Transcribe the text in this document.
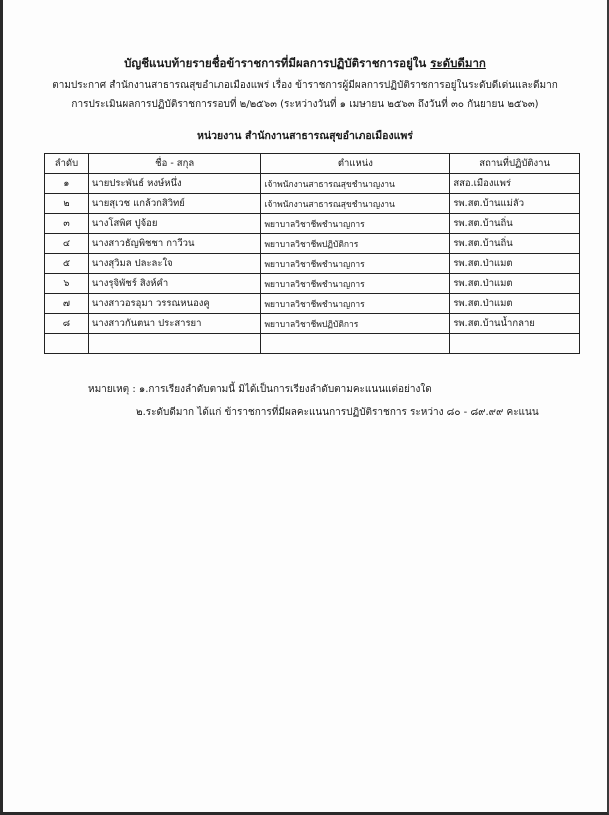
บัญชีแนบท้ายรายชื่อข้าราชการที่มีผลการปฏิบัติราชการอยู่ใน ระดับดีมาก
ตามประกาศ สำนักงานสาธารณสุขอำเภอเมืองแพร่ เรื่อง ข้าราชการผู้มีผลการปฏิบัติราชการอยู่ในระดับดีเด่นและดีมาก
การประเมินผลการปฏิบัติราชการรอบที่ ๒/๒๕๖๓ (ระหว่างวันที่ ๑ เมษายน ๒๕๖๓ ถึงวันที่ ๓๐ กันยายน ๒๕๖๓)
หน่วยงาน สำนักงานสาธารณสุขอำเภอเมืองแพร่
ลำดับ	ชื่อ - สกุล	ตำแหน่ง	สถานที่ปฏิบัติงาน
๑	นายประพันธ์ หงษ์หนึ่ง	เจ้าพนักงานสาธารณสุขชำนาญงาน	สสอ.เมืองแพร่
๒	นายสุเวช แกล้วกสิวิทย์	เจ้าพนักงานสาธารณสุขชำนาญงาน	รพ.สต.บ้านแม่ลัว
๓	นางโสพิศ ปูจ้อย	พยาบาลวิชาชีพชำนาญการ	รพ.สต.บ้านถิ่น
๔	นางสาวธัญพิชชา กาวีวน	พยาบาลวิชาชีพปฏิบัติการ	รพ.สต.บ้านถิ่น
๕	นางสุวิมล ปละละใจ	พยาบาลวิชาชีพชำนาญการ	รพ.สต.ป่าแมต
๖	นางรุจิพัชร์ สิงห์คำ	พยาบาลวิชาชีพชำนาญการ	รพ.สต.ป่าแมต
๗	นางสาวอรอุมา วรรณหนองคู	พยาบาลวิชาชีพชำนาญการ	รพ.สต.ป่าแมต
๘	นางสาวกันตนา ประสารยา	พยาบาลวิชาชีพปฏิบัติการ	รพ.สต.บ้านน้ำกลาย

หมายเหตุ : ๑.การเรียงลำดับตามนี้ มิได้เป็นการเรียงลำดับตามคะแนนแต่อย่างใด
๒.ระดับดีมาก ได้แก่ ข้าราชการที่มีผลคะแนนการปฏิบัติราชการ ระหว่าง ๘๐ - ๘๙.๙๙ คะแนน
